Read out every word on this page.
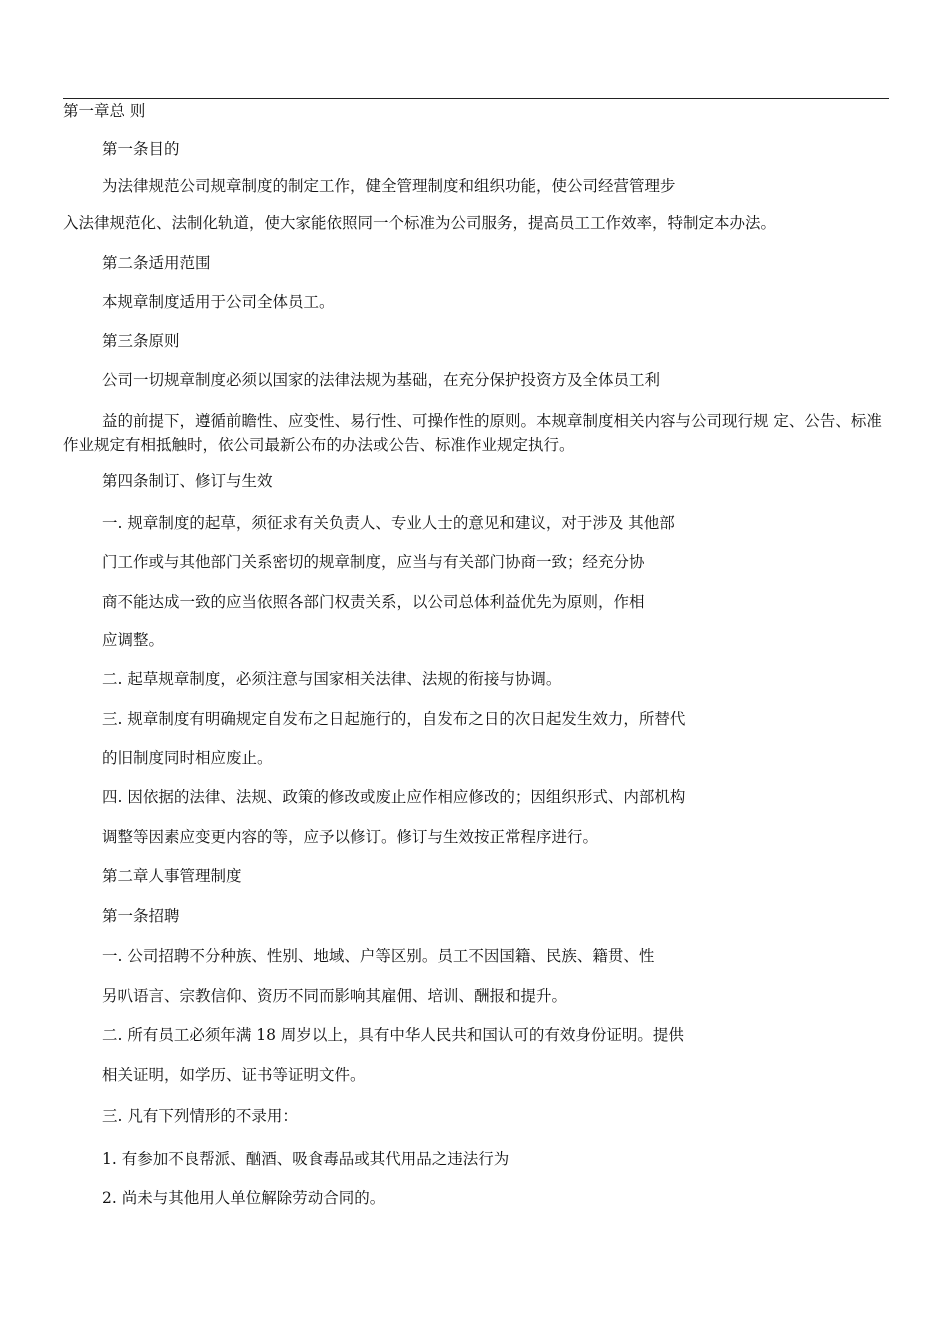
第一章总 则
第一条目的
为法律规范公司规章制度的制定工作，健全管理制度和组织功能，使公司经营管理步
入法律规范化、法制化轨道，使大家能依照同一个标准为公司服务，提高员工工作效率，特制定本办法。
第二条适用范围
本规章制度适用于公司全体员工。
第三条原则
公司一切规章制度必须以国家的法律法规为基础，在充分保护投资方及全体员工利
益的前提下，遵循前瞻性、应变性、易行性、可操作性的原则。本规章制度相关内容与公司现行规 定、公告、标准作业规定有相抵触时，依公司最新公布的办法或公告、标准作业规定执行。
第四条制订、修订与生效
一. 规章制度的起草，须征求有关负责人、专业人士的意见和建议，对于涉及 其他部
门工作或与其他部门关系密切的规章制度，应当与有关部门协商一致；经充分协
商不能达成一致的应当依照各部门权责关系，以公司总体利益优先为原则，作相
应调整。
二. 起草规章制度，必须注意与国家相关法律、法规的衔接与协调。
三. 规章制度有明确规定自发布之日起施行的，自发布之日的次日起发生效力，所替代
的旧制度同时相应废止。
四. 因依据的法律、法规、政策的修改或废止应作相应修改的；因组织形式、内部机构
调整等因素应变更内容的等，应予以修订。修订与生效按正常程序进行。
第二章人事管理制度
第一条招聘
一. 公司招聘不分种族、性别、地域、户等区别。员工不因国籍、民族、籍贯、性
另叭语言、宗教信仰、资历不同而影响其雇佣、培训、酬报和提升。
二. 所有员工必须年满 18 周岁以上，具有中华人民共和国认可的有效身份证明。提供
相关证明，如学历、证书等证明文件。
三. 凡有下列情形的不录用：
1. 有参加不良帮派、酗酒、吸食毒品或其代用品之违法行为
2. 尚未与其他用人单位解除劳动合同的。
